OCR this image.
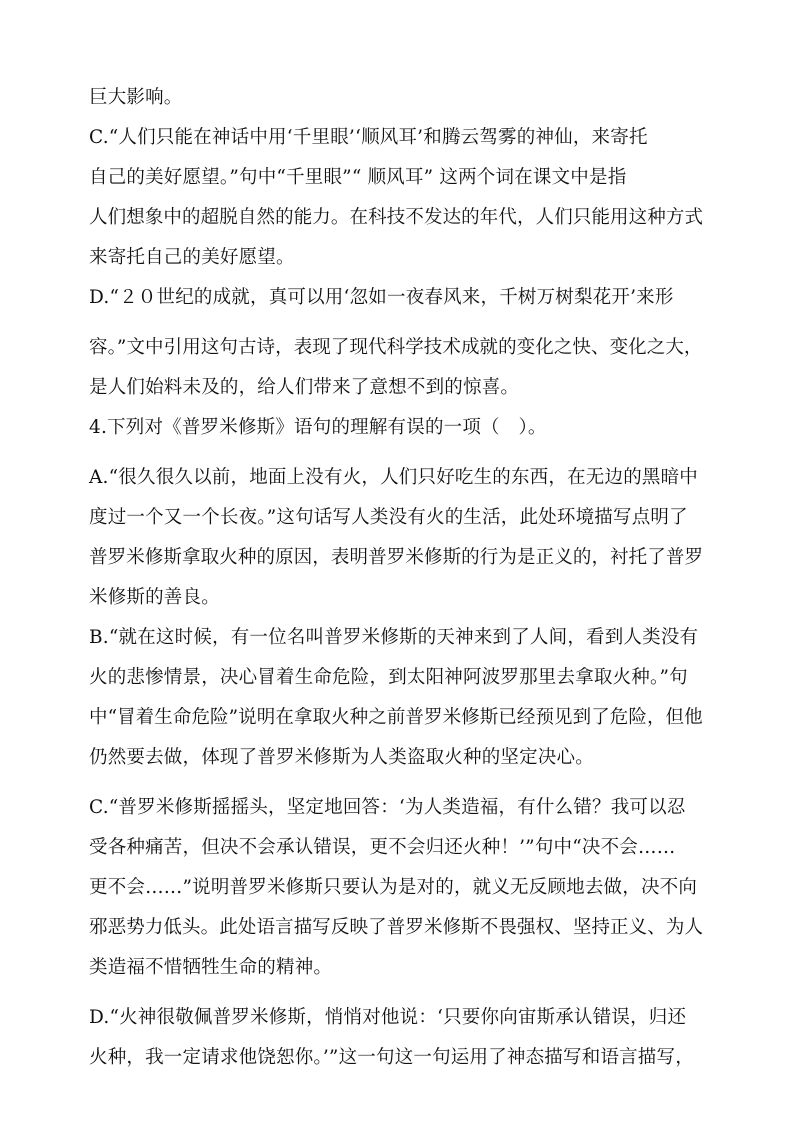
巨大影响。
C.“人们只能在神话中用‘千里眼’‘顺风耳’和腾云驾雾的神仙，来寄托
自己的美好愿望。”句中“千里眼”“ 顺风耳” 这两个词在课文中是指
人们想象中的超脱自然的能力。在科技不发达的年代，人们只能用这种方式
来寄托自己的美好愿望。
D.“２０世纪的成就，真可以用‘忽如一夜春风来，千树万树梨花开’来形
容。”文中引用这句古诗，表现了现代科学技术成就的变化之快、变化之大，
是人们始料未及的，给人们带来了意想不到的惊喜。
4.下列对《普罗米修斯》语句的理解有误的一项（　）。
A.“很久很久以前，地面上没有火，人们只好吃生的东西，在无边的黑暗中
度过一个又一个长夜。”这句话写人类没有火的生活，此处环境描写点明了
普罗米修斯拿取火种的原因，表明普罗米修斯的行为是正义的，衬托了普罗
米修斯的善良。
B.“就在这时候，有一位名叫普罗米修斯的天神来到了人间，看到人类没有
火的悲惨情景，决心冒着生命危险，到太阳神阿波罗那里去拿取火种。”句
中“冒着生命危险”说明在拿取火种之前普罗米修斯已经预见到了危险，但他
仍然要去做，体现了普罗米修斯为人类盗取火种的坚定决心。
C.“普罗米修斯摇摇头，坚定地回答：‘为人类造福，有什么错？我可以忍
受各种痛苦，但决不会承认错误，更不会归还火种！’”句中“决不会……
更不会……”说明普罗米修斯只要认为是对的，就义无反顾地去做，决不向
邪恶势力低头。此处语言描写反映了普罗米修斯不畏强权、坚持正义、为人
类造福不惜牺牲生命的精神。
D.“火神很敬佩普罗米修斯，悄悄对他说：‘只要你向宙斯承认错误，归还
火种，我一定请求他饶恕你。’”这一句这一句运用了神态描写和语言描写，
